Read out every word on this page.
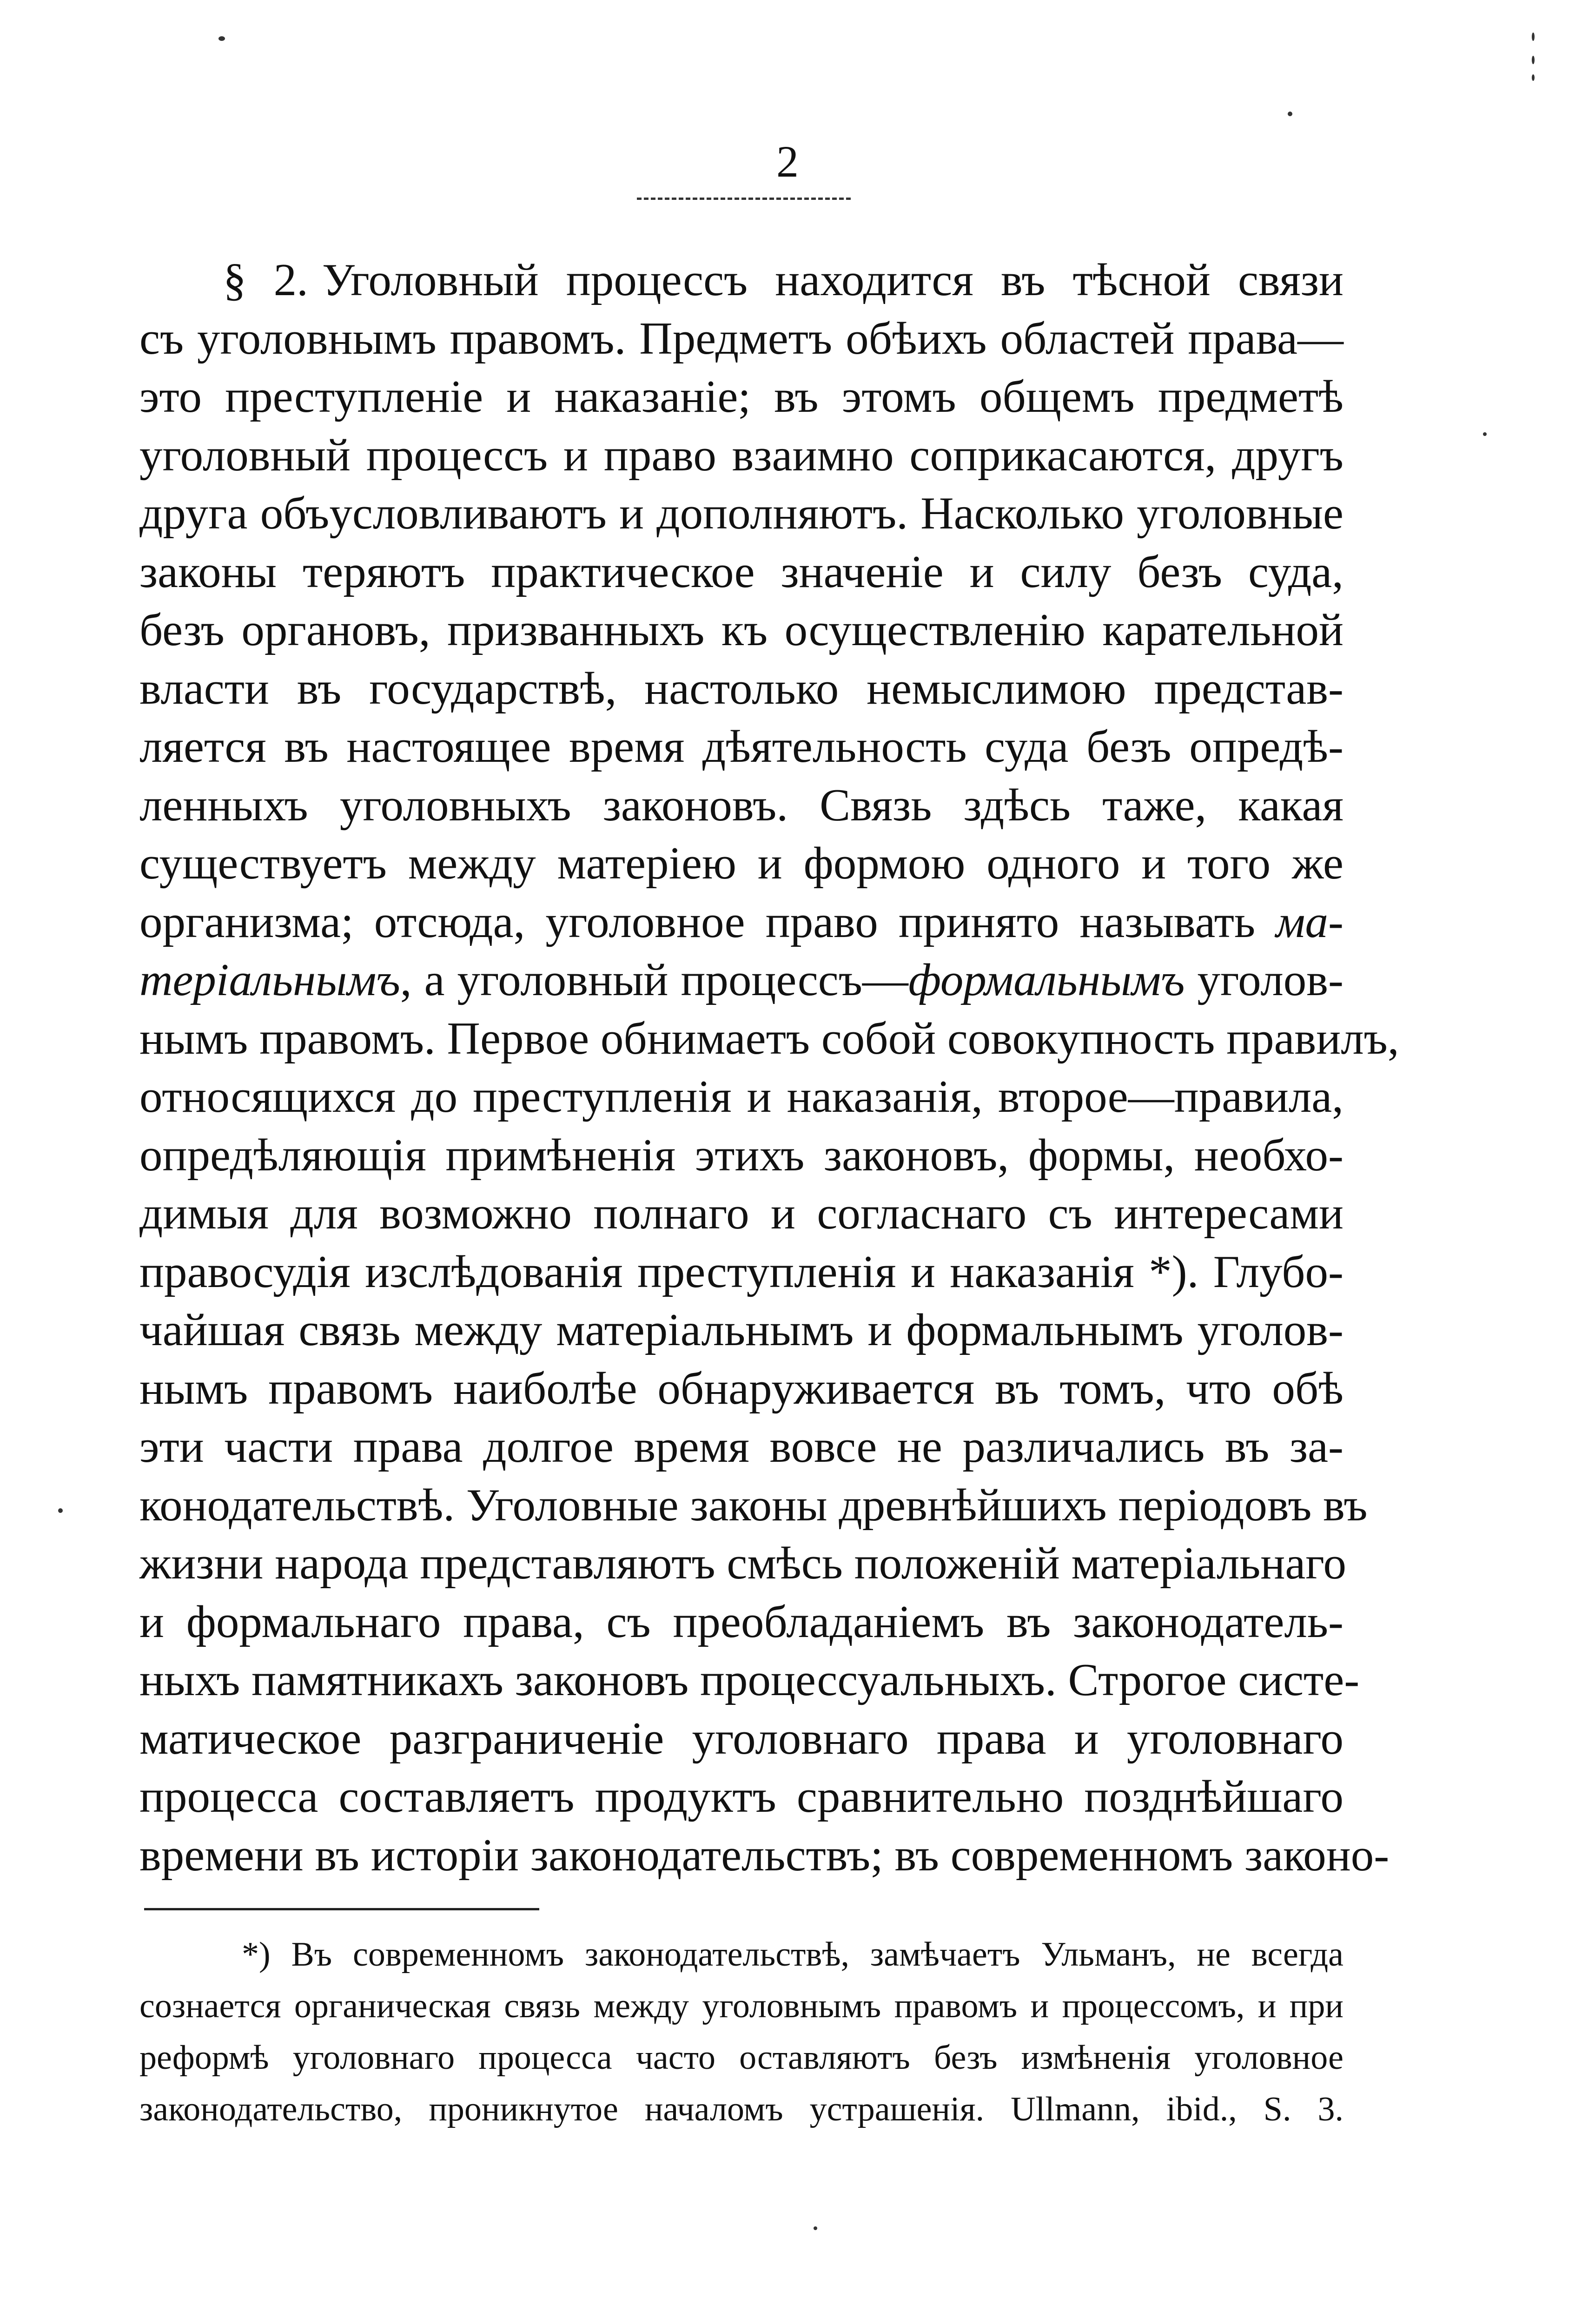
2
§ 2. Уголовный процессъ находится въ тѣсной связи
съ уголовнымъ правомъ. Предметъ обѣихъ областей права—
это преступленіе и наказаніе; въ этомъ общемъ предметѣ
уголовный процессъ и право взаимно соприкасаются, другъ
друга объусловливаютъ и дополняютъ. Насколько уголовные
законы теряютъ практическое значеніе и силу безъ суда,
безъ органовъ, призванныхъ къ осуществленію карательной
власти въ государствѣ, настолько немыслимою представ-
ляется въ настоящее время дѣятельность суда безъ опредѣ-
ленныхъ уголовныхъ законовъ. Связь здѣсь таже, какая
существуетъ между матеріею и формою одного и того же
организма; отсюда, уголовное право принято называть ма-
теріальнымъ, а уголовный процессъ—формальнымъ уголов-
нымъ правомъ. Первое обнимаетъ собой совокупность правилъ,
относящихся до преступленія и наказанія, второе—правила,
опредѣляющія примѣненія этихъ законовъ, формы, необхо-
димыя для возможно полнаго и согласнаго съ интересами
правосудія изслѣдованія преступленія и наказанія *). Глубо-
чайшая связь между матеріальнымъ и формальнымъ уголов-
нымъ правомъ наиболѣе обнаруживается въ томъ, что обѣ
эти части права долгое время вовсе не различались въ за-
конодательствѣ. Уголовные законы древнѣйшихъ періодовъ въ
жизни народа представляютъ смѣсь положеній матеріальнаго
и формальнаго права, съ преобладаніемъ въ законодатель-
ныхъ памятникахъ законовъ процессуальныхъ. Строгое систе-
матическое разграниченіе уголовнаго права и уголовнаго
процесса составляетъ продуктъ сравнительно позднѣйшаго
времени въ исторіи законодательствъ; въ современномъ законо-
*) Въ современномъ законодательствѣ, замѣчаетъ Ульманъ, не всегда
сознается органическая связь между уголовнымъ правомъ и процессомъ, и при
реформѣ уголовнаго процесса часто оставляютъ безъ измѣненія уголовное
законодательство, проникнутое началомъ устрашенія. Ullmann, ibid., S. 3.
